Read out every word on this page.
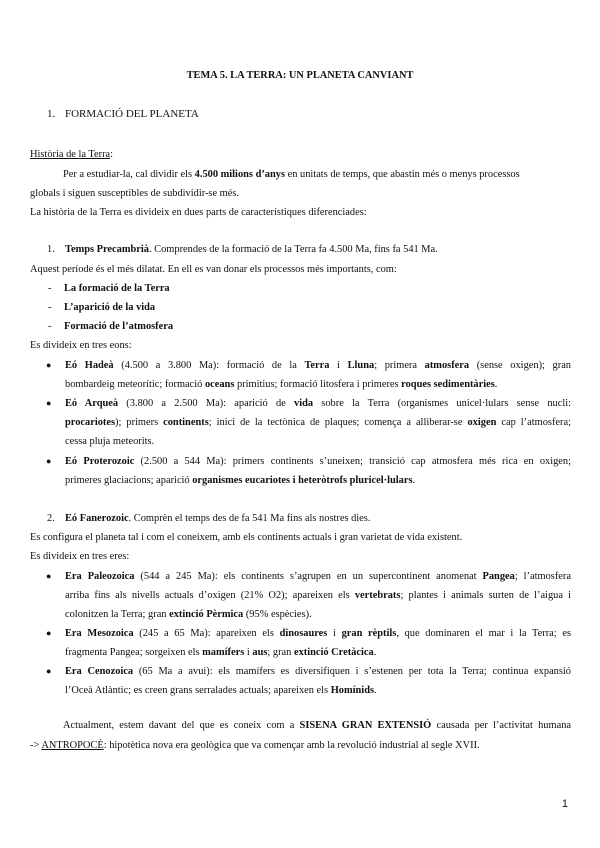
TEMA 5. LA TERRA: UN PLANETA CANVIANT

1. FORMACIÓ DEL PLANETA

Història de la Terra:

Per a estudiar-la, cal dividir els 4.500 milions d’anys en unitats de temps, que abastin més o menys processos

globals i siguen susceptibles de subdividir-se més.

La història de la Terra es divideix en dues parts de característiques diferenciades:

1. Temps Precambrià. Comprendes de la formació de la Terra fa 4.500 Ma, fins fa 541 Ma.

Aquest període és el més dilatat. En ell es van donar els processos més importants, com:

- La formació de la Terra
- L’aparició de la vida
- Formació de l’atmosfera

Es divideix en tres eons:

● Eó Hadeà (4.500 a 3.800 Ma): formació de la Terra i Lluna; primera atmosfera (sense oxigen); gran

bombardeig meteorític; formació oceans primitius; formació litosfera i primeres roques sedimentàries.

● Eó Arqueà (3.800 a 2.500 Ma): aparició de vida sobre la Terra (organismes unicel·lulars sense nucli:

procariotes); primers continents; inici de la tectònica de plaques; comença a alliberar-se oxigen cap l’atmosfera;

cessa pluja meteorits.

● Eó Proterozoic (2.500 a 544 Ma): primers continents s’uneixen; transició cap atmosfera més rica en oxigen;

primeres glaciacions; aparició organismes eucariotes i heteròtrofs pluricel·lulars.

2. Eó Fanerozoic. Comprèn el temps des de fa 541 Ma fins als nostres dies.

Es configura el planeta tal i com el coneixem, amb els continents actuals i gran varietat de vida existent.

Es divideix en tres eres:

● Era Paleozoica (544 a 245 Ma): els continents s’agrupen en un supercontinent anomenat Pangea; l’atmosfera

arriba fins als nivells actuals d’oxigen (21% O2); apareixen els vertebrats; plantes i animals surten de l’aigua i

colonitzen la Terra; gran extinció Pèrmica (95% espècies).

● Era Mesozoica (245 a 65 Ma): apareixen els dinosaures i gran rèptils, que dominaren el mar i la Terra; es

fragmenta Pangea; sorgeixen els mamífers i aus; gran extinció Cretàcica.

● Era Cenozoica (65 Ma a avui): els mamífers es diversifiquen i s’estenen per tota la Terra; continua expansió

l’Oceà Atlàntic; es creen grans serralades actuals; apareixen els Homínids.

Actualment, estem davant del que es coneix com a SISENA GRAN EXTENSIÓ causada per l’activitat humana

-> ANTROPOCÈ: hipotètica nova era geològica que va començar amb la revolució industrial al segle XVII.

1
